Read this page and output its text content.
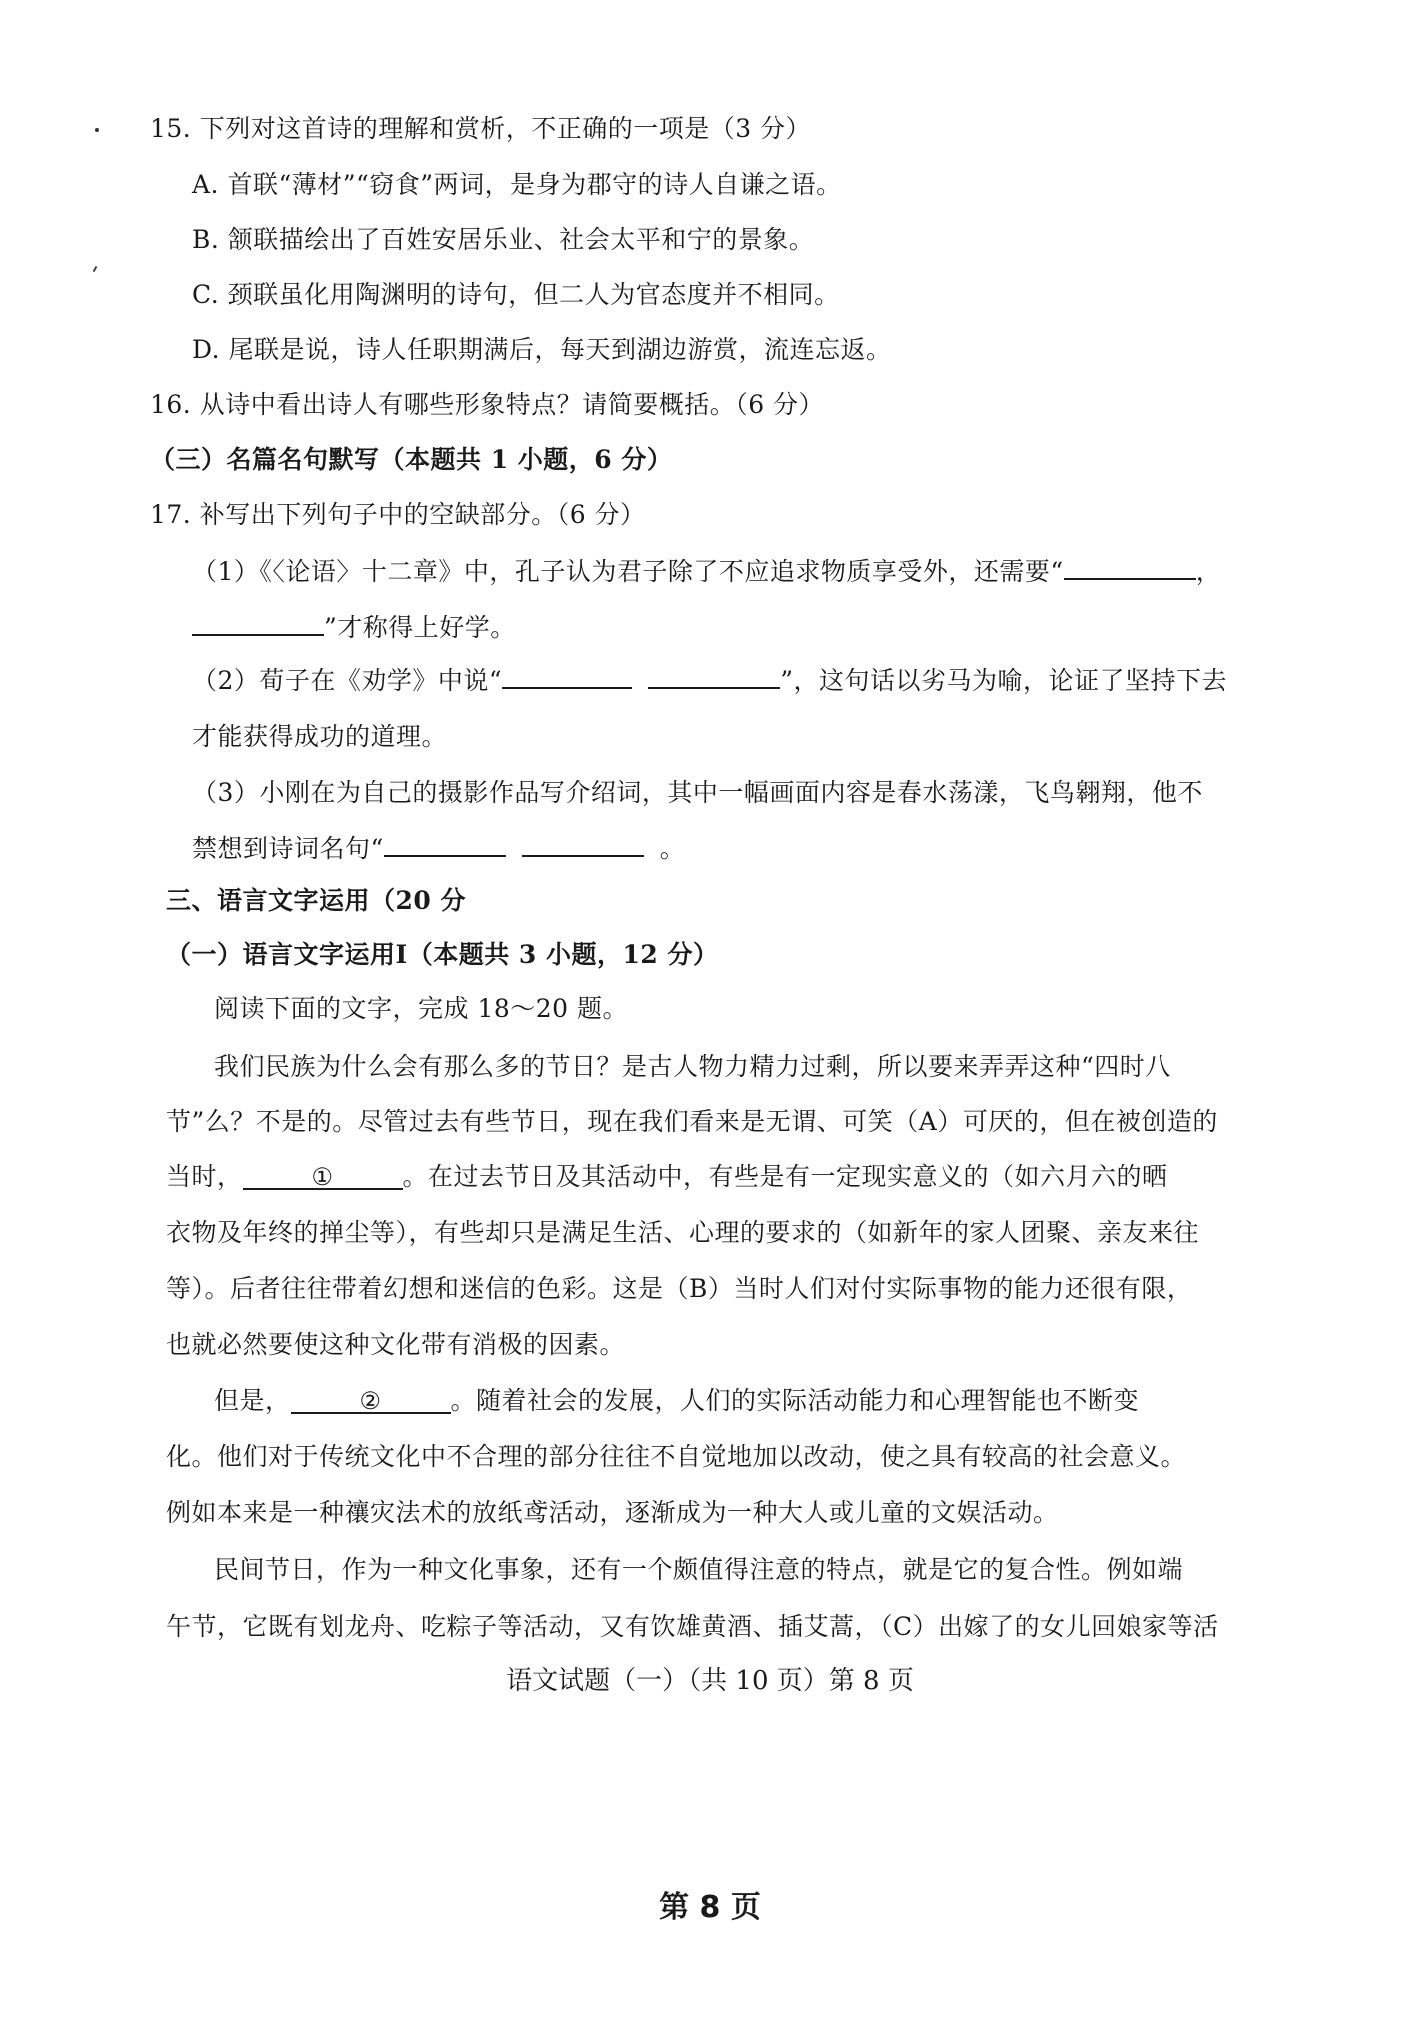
15. 下列对这首诗的理解和赏析，不正确的一项是（3 分）
A. 首联“薄材”“窃食”两词，是身为郡守的诗人自谦之语。
B. 颔联描绘出了百姓安居乐业、社会太平和宁的景象。
C. 颈联虽化用陶渊明的诗句，但二人为官态度并不相同。
D. 尾联是说，诗人任职期满后，每天到湖边游赏，流连忘返。
16. 从诗中看出诗人有哪些形象特点？请简要概括。（6 分）
（三）名篇名句默写（本题共 1 小题，6 分）
17. 补写出下列句子中的空缺部分。（6 分）
（1）《〈论语〉十二章》中，孔子认为君子除了不应追求物质享受外，还需要“	，
”才称得上好学。
（2）荀子在《劝学》中说“	”，这句话以劣马为喻，论证了坚持下去
才能获得成功的道理。
（3）小刚在为自己的摄影作品写介绍词，其中一幅画面内容是春水荡漾，飞鸟翱翔，他不
禁想到诗词名句“	。
三、语言文字运用（20 分
（一）语言文字运用Ⅰ（本题共 3 小题，12 分）
阅读下面的文字，完成 18～20 题。
我们民族为什么会有那么多的节日？是古人物力精力过剩，所以要来弄弄这种“四时八
节”么？不是的。尽管过去有些节日，现在我们看来是无谓、可笑（A）可厌的，但在被创造的
当时，	①	。在过去节日及其活动中，有些是有一定现实意义的（如六月六的晒
衣物及年终的掸尘等），有些却只是满足生活、心理的要求的（如新年的家人团聚、亲友来往
等）。后者往往带着幻想和迷信的色彩。这是（B）当时人们对付实际事物的能力还很有限，
也就必然要使这种文化带有消极的因素。
但是，	②	。随着社会的发展，人们的实际活动能力和心理智能也不断变
化。他们对于传统文化中不合理的部分往往不自觉地加以改动，使之具有较高的社会意义。
例如本来是一种禳灾法术的放纸鸢活动，逐渐成为一种大人或儿童的文娱活动。
民间节日，作为一种文化事象，还有一个颇值得注意的特点，就是它的复合性。例如端
午节，它既有划龙舟、吃粽子等活动，又有饮雄黄酒、插艾蒿，（C）出嫁了的女儿回娘家等活
语文试题（一）（共 10 页）第 8 页
第 8 页
